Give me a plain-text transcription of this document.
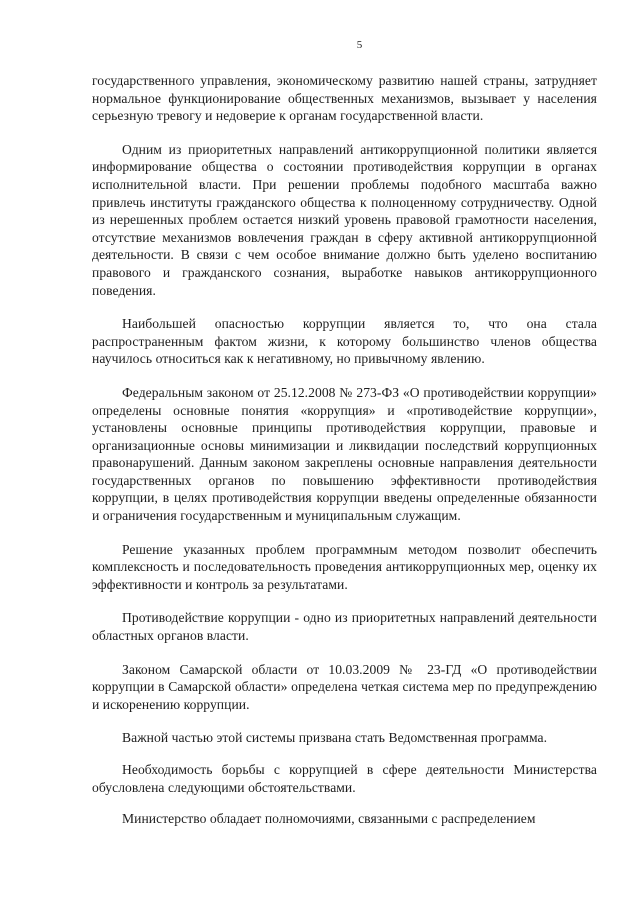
5

государственного управления, экономическому развитию нашей страны, затрудняет нормальное функционирование общественных механизмов, вызывает у населения серьезную тревогу и недоверие к органам государственной власти.

Одним из приоритетных направлений антикоррупционной политики является информирование общества о состоянии противодействия коррупции в органах исполнительной власти. При решении проблемы подобного масштаба важно привлечь институты гражданского общества к полноценному сотрудничеству. Одной из нерешенных проблем остается низкий уровень правовой грамотности населения, отсутствие механизмов вовлечения граждан в сферу активной антикоррупционной деятельности. В связи с чем особое внимание должно быть уделено воспитанию правового и гражданского сознания, выработке навыков антикоррупционного поведения.

Наибольшей опасностью коррупции является то, что она стала распространенным фактом жизни, к которому большинство членов общества научилось относиться как к негативному, но привычному явлению.

Федеральным законом от 25.12.2008 № 273-ФЗ «О противодействии коррупции» определены основные понятия «коррупция» и «противодействие коррупции», установлены основные принципы противодействия коррупции, правовые и организационные основы минимизации и ликвидации последствий коррупционных правонарушений. Данным законом закреплены основные направления деятельности государственных органов по повышению эффективности противодействия коррупции, в целях противодействия коррупции введены определенные обязанности и ограничения государственным и муниципальным служащим.

Решение указанных проблем программным методом позволит обеспечить комплексность и последовательность проведения антикоррупционных мер, оценку их эффективности и контроль за результатами.

Противодействие коррупции - одно из приоритетных направлений деятельности областных органов власти.

Законом Самарской области от 10.03.2009 № 23-ГД «О противодействии коррупции в Самарской области» определена четкая система мер по предупреждению и искоренению коррупции.

Важной частью этой системы призвана стать Ведомственная программа.

Необходимость борьбы с коррупцией в сфере деятельности Министерства обусловлена следующими обстоятельствами.

Министерство обладает полномочиями, связанными с распределением
